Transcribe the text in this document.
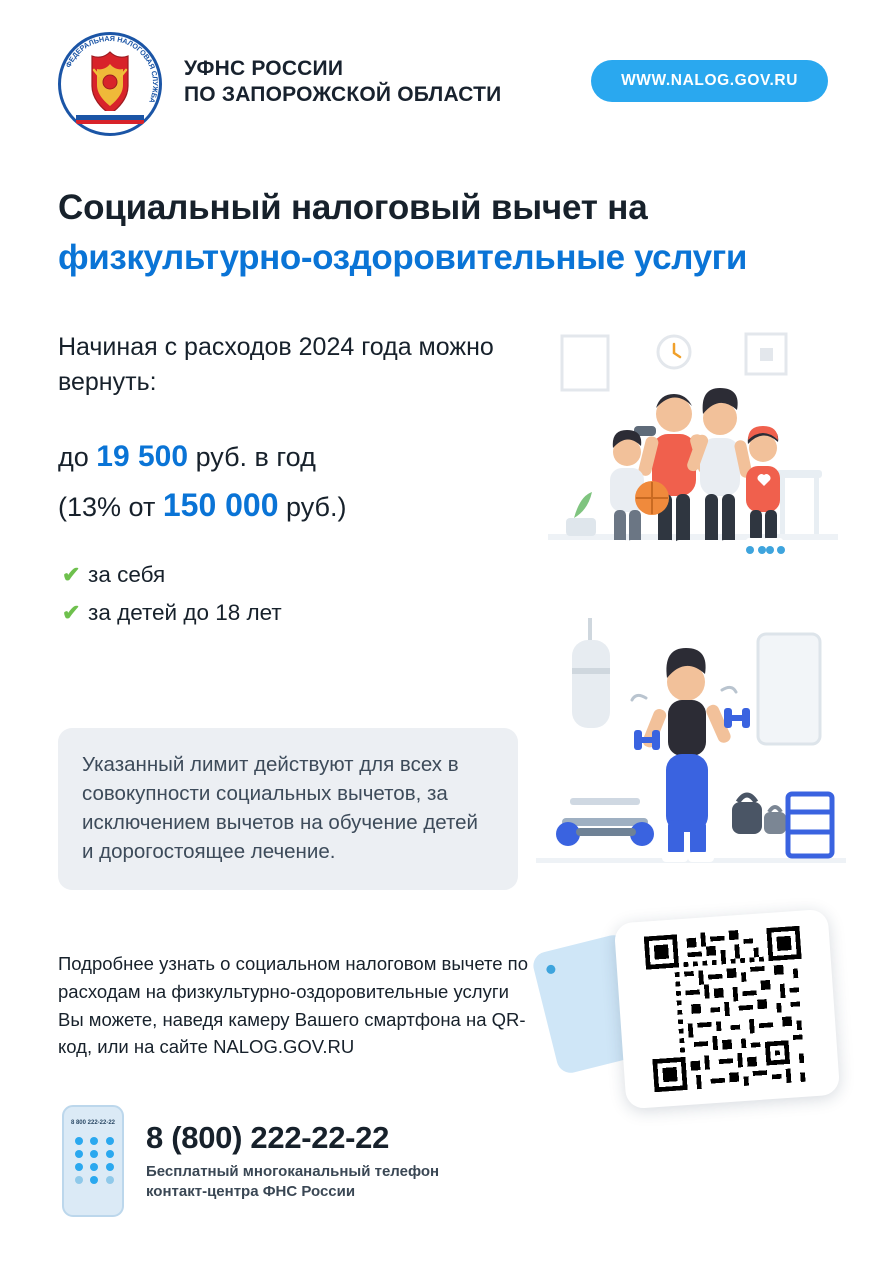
ФЕДЕРАЛЬНАЯ НАЛОГОВАЯ СЛУЖБА
УФНС РОССИИ
ПО ЗАПОРОЖСКОЙ ОБЛАСТИ
WWW.NALOG.GOV.RU
Социальный налоговый вычет на
физкультурно-оздоровительные услуги
Начиная с расходов 2024 года можно вернуть:
до 19 500 руб. в год
(13% от 150 000 руб.)
✔ за себя
✔ за детей до 18 лет
Указанный лимит действуют для всех в совокупности социальных вычетов, за исключением вычетов на обучение детей и дорогостоящее лечение.
Подробнее узнать о социальном налоговом вычете по расходам на физкультурно-оздоровительные услуги Вы можете, наведя камеру Вашего смартфона на QR-код, или на сайте NALOG.GOV.RU
8 800 222-22-22 8 (800) 222-22-22
Бесплатный многоканальный телефон
контакт-центра ФНС России
